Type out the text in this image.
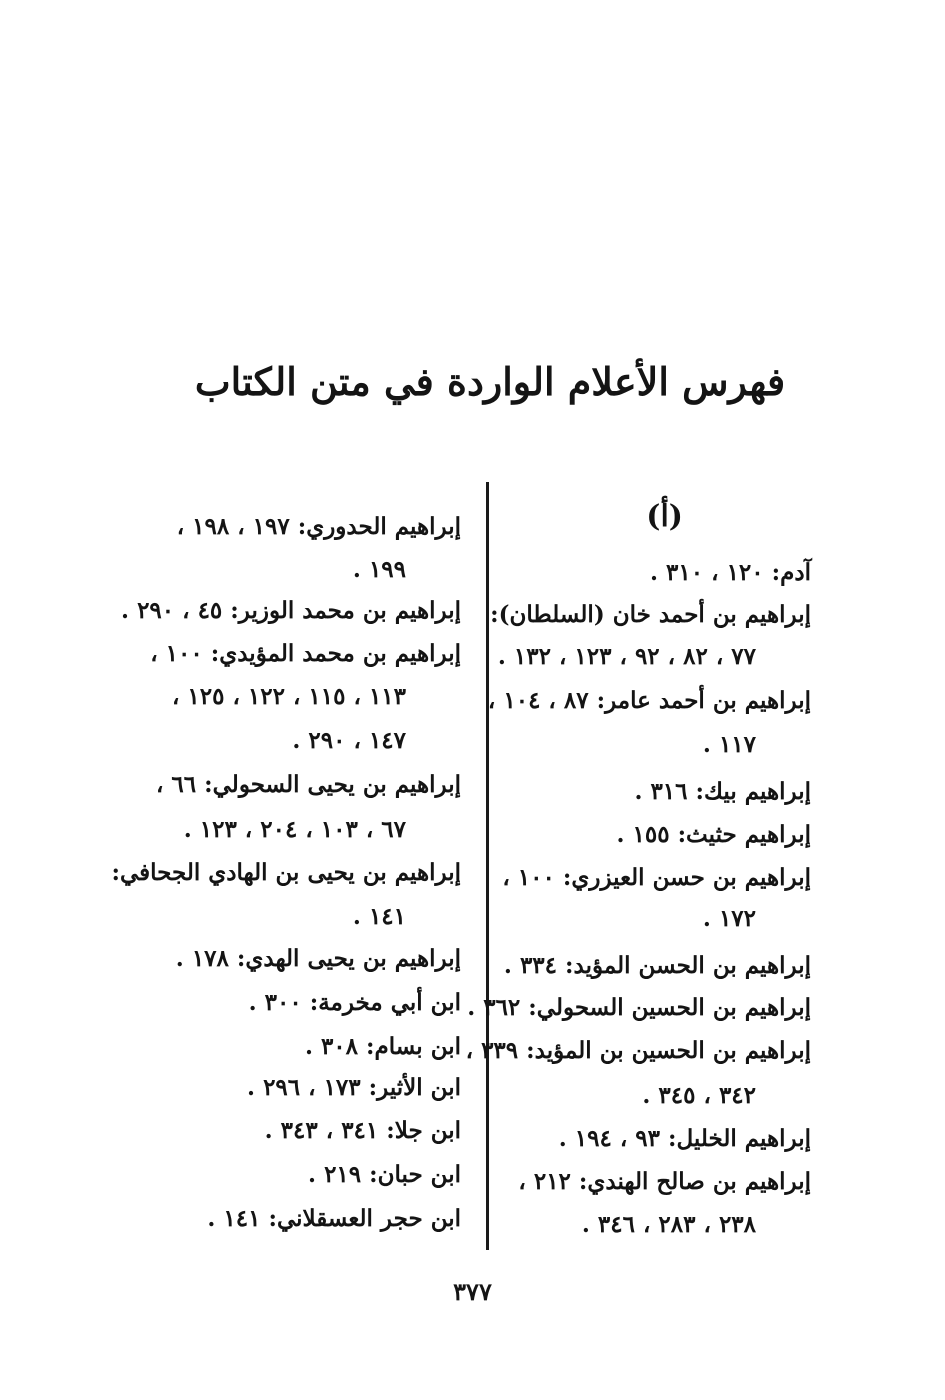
فهرس الأعلام الواردة في متن الكتاب
(أ)
آدم: ١٢٠ ، ٣١٠ .
إبراهيم بن أحمد خان (السلطان):
٧٧ ، ٨٢ ، ٩٢ ، ١٢٣ ، ١٣٢ .
إبراهيم بن أحمد عامر: ٨٧ ، ١٠٤ ،
١١٧ .
إبراهيم بيك: ٣١٦ .
إبراهيم حثيث: ١٥٥ .
إبراهيم بن حسن العيزري: ١٠٠ ،
١٧٢ .
إبراهيم بن الحسن المؤيد: ٣٣٤ .
إبراهيم بن الحسين السحولي: ٣٦٢ .
إبراهيم بن الحسين بن المؤيد: ٣٣٩ ،
٣٤٢ ، ٣٤٥ .
إبراهيم الخليل: ٩٣ ، ١٩٤ .
إبراهيم بن صالح الهندي: ٢١٢ ،
٢٣٨ ، ٢٨٣ ، ٣٤٦ .
إبراهيم الحدوري: ١٩٧ ، ١٩٨ ،
١٩٩ .
إبراهيم بن محمد الوزير: ٤٥ ، ٢٩٠ .
إبراهيم بن محمد المؤيدي: ١٠٠ ،
١١٣ ، ١١٥ ، ١٢٢ ، ١٢٥ ،
١٤٧ ، ٢٩٠ .
إبراهيم بن يحيى السحولي: ٦٦ ،
٦٧ ، ١٠٣ ، ٢٠٤ ، ١٢٣ .
إبراهيم بن يحيى بن الهادي الجحافي:
١٤١ .
إبراهيم بن يحيى الهدي: ١٧٨ .
ابن أبي مخرمة: ٣٠٠ .
ابن بسام: ٣٠٨ .
ابن الأثير: ١٧٣ ، ٢٩٦ .
ابن جلا: ٣٤١ ، ٣٤٣ .
ابن حبان: ٢١٩ .
ابن حجر العسقلاني: ١٤١ .
٣٧٧
